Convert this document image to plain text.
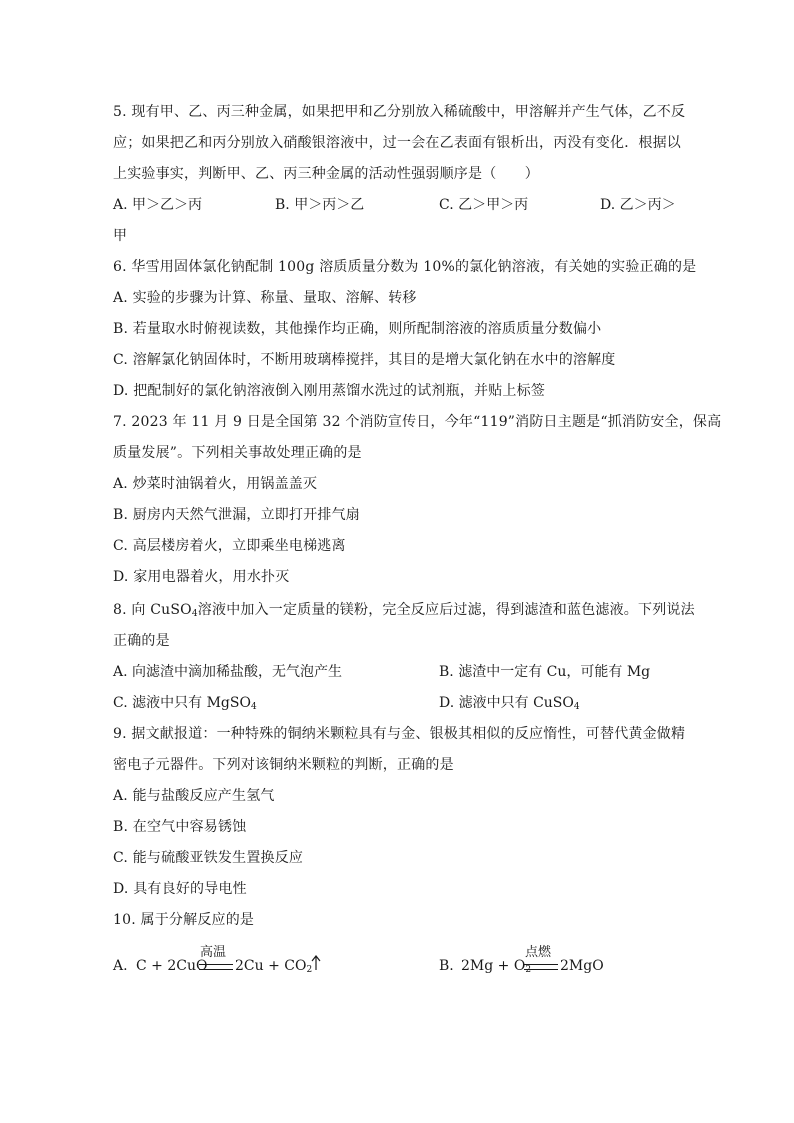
5. 现有甲、乙、丙三种金属，如果把甲和乙分别放入稀硫酸中，甲溶解并产生气体，乙不反
应；如果把乙和丙分别放入硝酸银溶液中，过一会在乙表面有银析出，丙没有变化．根据以
上实验事实，判断甲、乙、丙三种金属的活动性强弱顺序是（　　）
A. 甲＞乙＞丙	B. 甲＞丙＞乙	C. 乙＞甲＞丙	D. 乙＞丙＞
甲
6. 华雪用固体氯化钠配制 100g 溶质质量分数为 10%的氯化钠溶液，有关她的实验正确的是
A. 实验的步骤为计算、称量、量取、溶解、转移
B. 若量取水时俯视读数，其他操作均正确，则所配制溶液的溶质质量分数偏小
C. 溶解氯化钠固体时，不断用玻璃棒搅拌，其目的是增大氯化钠在水中的溶解度
D. 把配制好的氯化钠溶液倒入刚用蒸馏水洗过的试剂瓶，并贴上标签
7. 2023 年 11 月 9 日是全国第 32 个消防宣传日，今年“119”消防日主题是“抓消防安全，保高
质量发展”。下列相关事故处理正确的是
A. 炒菜时油锅着火，用锅盖盖灭
B. 厨房内天然气泄漏，立即打开排气扇
C. 高层楼房着火，立即乘坐电梯逃离
D. 家用电器着火，用水扑灭
8. 向 CuSO$_4$溶液中加入一定质量的镁粉，完全反应后过滤，得到滤渣和蓝色滤液。下列说法
正确的是
A. 向滤渣中滴加稀盐酸，无气泡产生	B. 滤渣中一定有 Cu，可能有 Mg
C. 滤液中只有 MgSO$_4$	D. 滤液中只有 CuSO$_4$
9. 据文献报道：一种特殊的铜纳米颗粒具有与金、银极其相似的反应惰性，可替代黄金做精
密电子元器件。下列对该铜纳米颗粒的判断，正确的是
A. 能与盐酸反应产生氢气
B. 在空气中容易锈蚀
C. 能与硫酸亚铁发生置换反应
D. 具有良好的导电性
10. 属于分解反应的是
A. C + 2CuO
高温
$2Cu + CO_2$	B. $2Mg + O_2$
点燃
2MgO
